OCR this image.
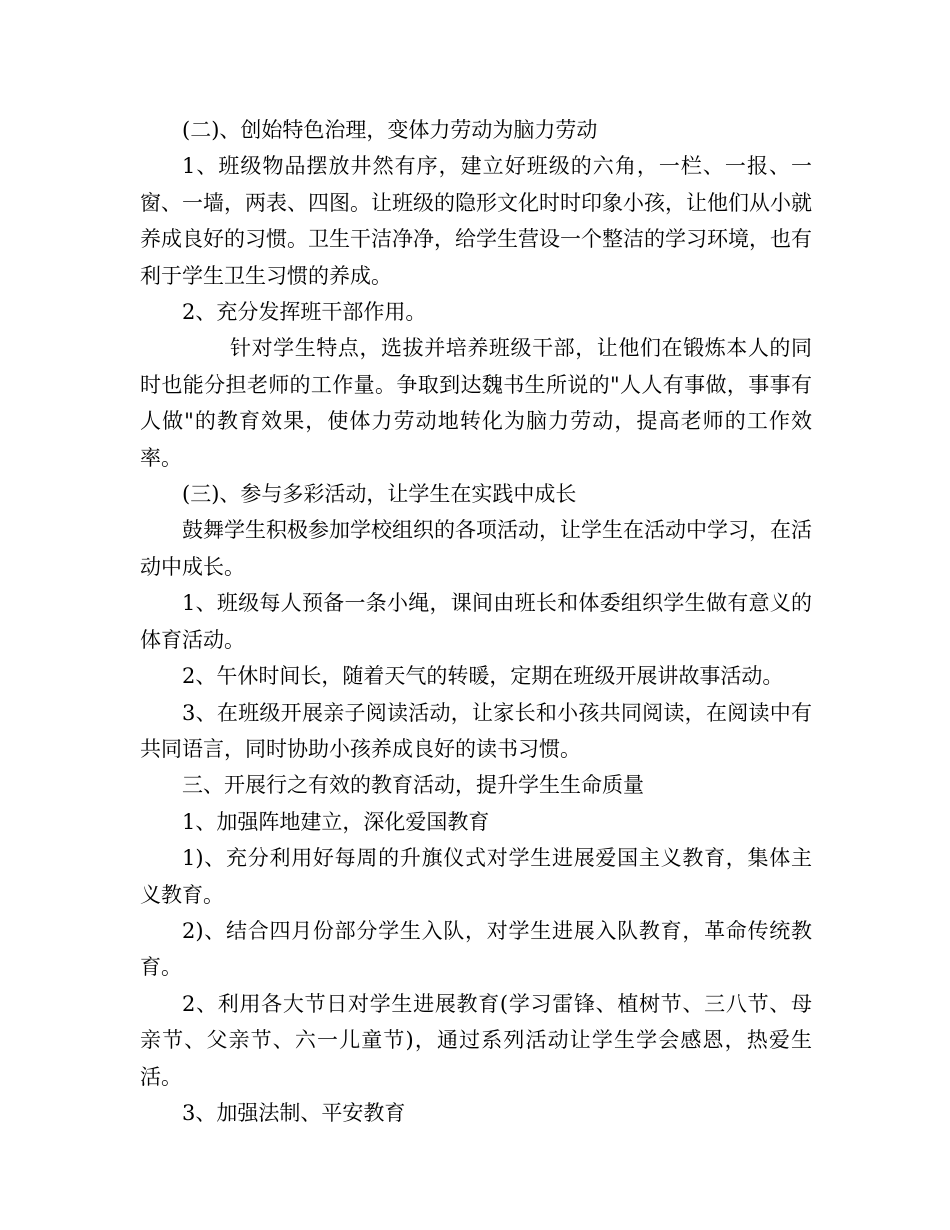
(二)、创始特色治理，变体力劳动为脑力劳动

1、班级物品摆放井然有序，建立好班级的六角，一栏、一报、一窗、一墙，两表、四图。让班级的隐形文化时时印象小孩，让他们从小就养成良好的习惯。卫生干洁净净，给学生营设一个整洁的学习环境，也有利于学生卫生习惯的养成。

2、充分发挥班干部作用。

针对学生特点，选拔并培养班级干部，让他们在锻炼本人的同时也能分担老师的工作量。争取到达魏书生所说的"人人有事做，事事有人做"的教育效果，使体力劳动地转化为脑力劳动，提高老师的工作效率。

(三)、参与多彩活动，让学生在实践中成长

鼓舞学生积极参加学校组织的各项活动，让学生在活动中学习，在活动中成长。

1、班级每人预备一条小绳，课间由班长和体委组织学生做有意义的体育活动。

2、午休时间长，随着天气的转暖，定期在班级开展讲故事活动。

3、在班级开展亲子阅读活动，让家长和小孩共同阅读，在阅读中有共同语言，同时协助小孩养成良好的读书习惯。

三、开展行之有效的教育活动，提升学生生命质量

1、加强阵地建立，深化爱国教育

1)、充分利用好每周的升旗仪式对学生进展爱国主义教育，集体主义教育。

2)、结合四月份部分学生入队，对学生进展入队教育，革命传统教育。

2、利用各大节日对学生进展教育(学习雷锋、植树节、三八节、母亲节、父亲节、六一儿童节)，通过系列活动让学生学会感恩，热爱生活。

3、加强法制、平安教育
